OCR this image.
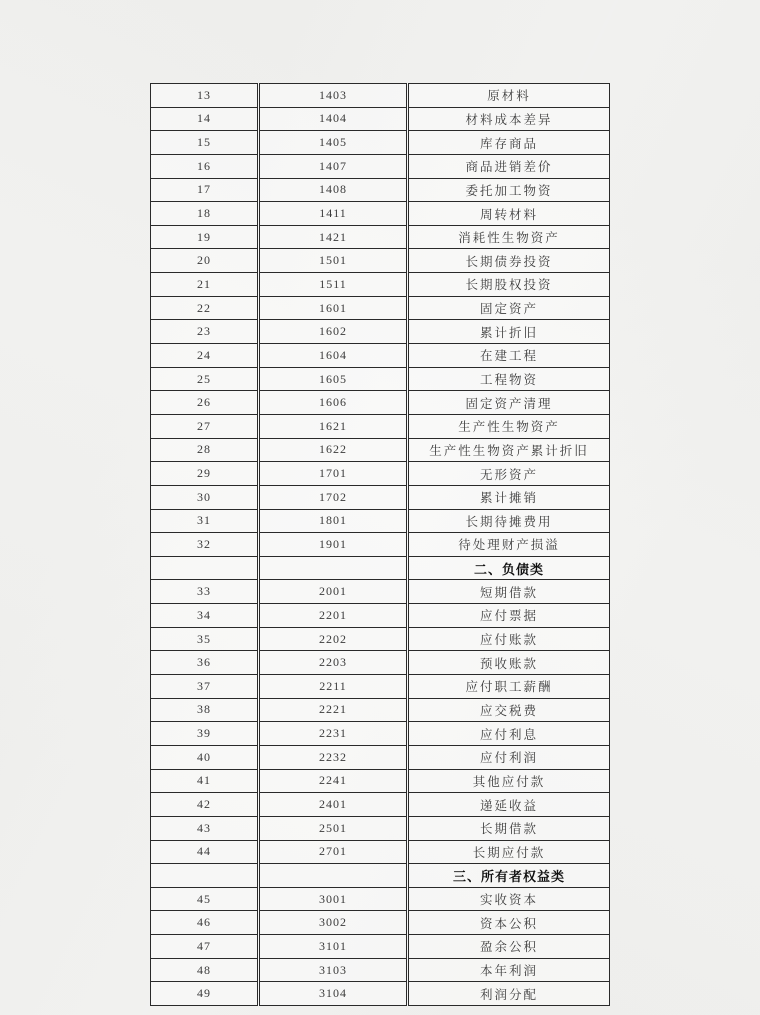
13	1403	原材料
14	1404	材料成本差异
15	1405	库存商品
16	1407	商品进销差价
17	1408	委托加工物资
18	1411	周转材料
19	1421	消耗性生物资产
20	1501	长期债券投资
21	1511	长期股权投资
22	1601	固定资产
23	1602	累计折旧
24	1604	在建工程
25	1605	工程物资
26	1606	固定资产清理
27	1621	生产性生物资产
28	1622	生产性生物资产累计折旧
29	1701	无形资产
30	1702	累计摊销
31	1801	长期待摊费用
32	1901	待处理财产损溢
		二、负债类
33	2001	短期借款
34	2201	应付票据
35	2202	应付账款
36	2203	预收账款
37	2211	应付职工薪酬
38	2221	应交税费
39	2231	应付利息
40	2232	应付利润
41	2241	其他应付款
42	2401	递延收益
43	2501	长期借款
44	2701	长期应付款
		三、所有者权益类
45	3001	实收资本
46	3002	资本公积
47	3101	盈余公积
48	3103	本年利润
49	3104	利润分配
